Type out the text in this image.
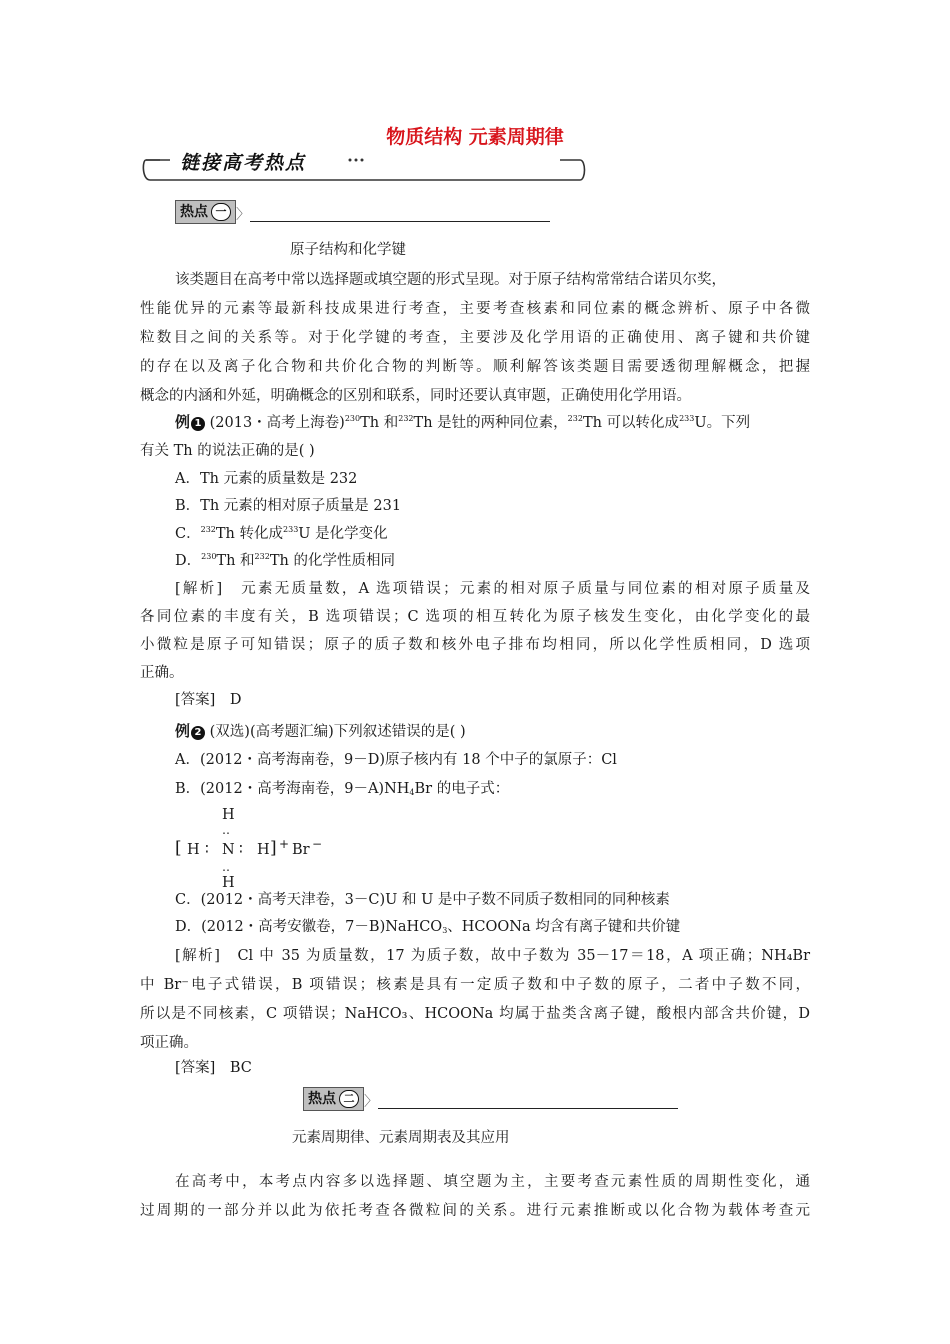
物质结构 元素周期律
链接高考热点
热点 一 〉
原子结构和化学键
该类题目在高考中常以选择题或填空题的形式呈现。对于原子结构常常结合诺贝尔奖，
性能优异的元素等最新科技成果进行考查，主要考查核素和同位素的概念辨析、原子中各微
粒数目之间的关系等。对于化学键的考查，主要涉及化学用语的正确使用、离子键和共价键
的存在以及离子化合物和共价化合物的判断等。顺利解答该类题目需要透彻理解概念，把握
概念的内涵和外延，明确概念的区别和联系，同时还要认真审题，正确使用化学用语。
例 1 (2013・高考上海卷)$^{230}$Th 和$^{232}$Th 是钍的两种同位素，$^{232}$Th 可以转化成$^{233}$U。下列
有关 Th 的说法正确的是( )
A．Th 元素的质量数是 232
B．Th 元素的相对原子质量是 231
C．$^{232}$Th 转化成$^{233}$U 是化学变化
D．$^{230}$Th 和$^{232}$Th 的化学性质相同
[解析]　元素无质量数，A 选项错误；元素的相对原子质量与同位素的相对原子质量及
各同位素的丰度有关，B 选项错误；C 选项的相互转化为原子核发生变化，由化学变化的最
小微粒是原子可知错误；原子的质子数和核外电子排布均相同，所以化学性质相同，D 选项
正确。
[答案]　D
例 2 (双选)(高考题汇编)下列叙述错误的是( )
A．(2012・高考海南卷，9－D)原子核内有 18 个中子的氯原子：Cl
B．(2012・高考海南卷，$9-A)NH_4Br$ 的电子式：
H
‥
[ H ∶ N ∶ H ] + Br −
‥
H
C．(2012・高考天津卷，3－C)U 和 U 是中子数不同质子数相同的同种核素
D．(2012・高考安徽卷，7－B)NaHCO$_3$、HCOONa 均含有离子键和共价键
[解析]　Cl 中 35 为质量数，17 为质子数，故中子数为 35－17＝18，A 项正确；NH₄Br
中 Br⁻电子式错误，B 项错误；核素是具有一定质子数和中子数的原子，二者中子数不同，
所以是不同核素，C 项错误；NaHCO₃、HCOONa 均属于盐类含离子键，酸根内部含共价键，D
项正确。
[答案]　BC
热点 二 〉
元素周期律、元素周期表及其应用
在高考中，本考点内容多以选择题、填空题为主，主要考查元素性质的周期性变化，通
过周期的一部分并以此为依托考查各微粒间的关系。进行元素推断或以化合物为载体考查元
